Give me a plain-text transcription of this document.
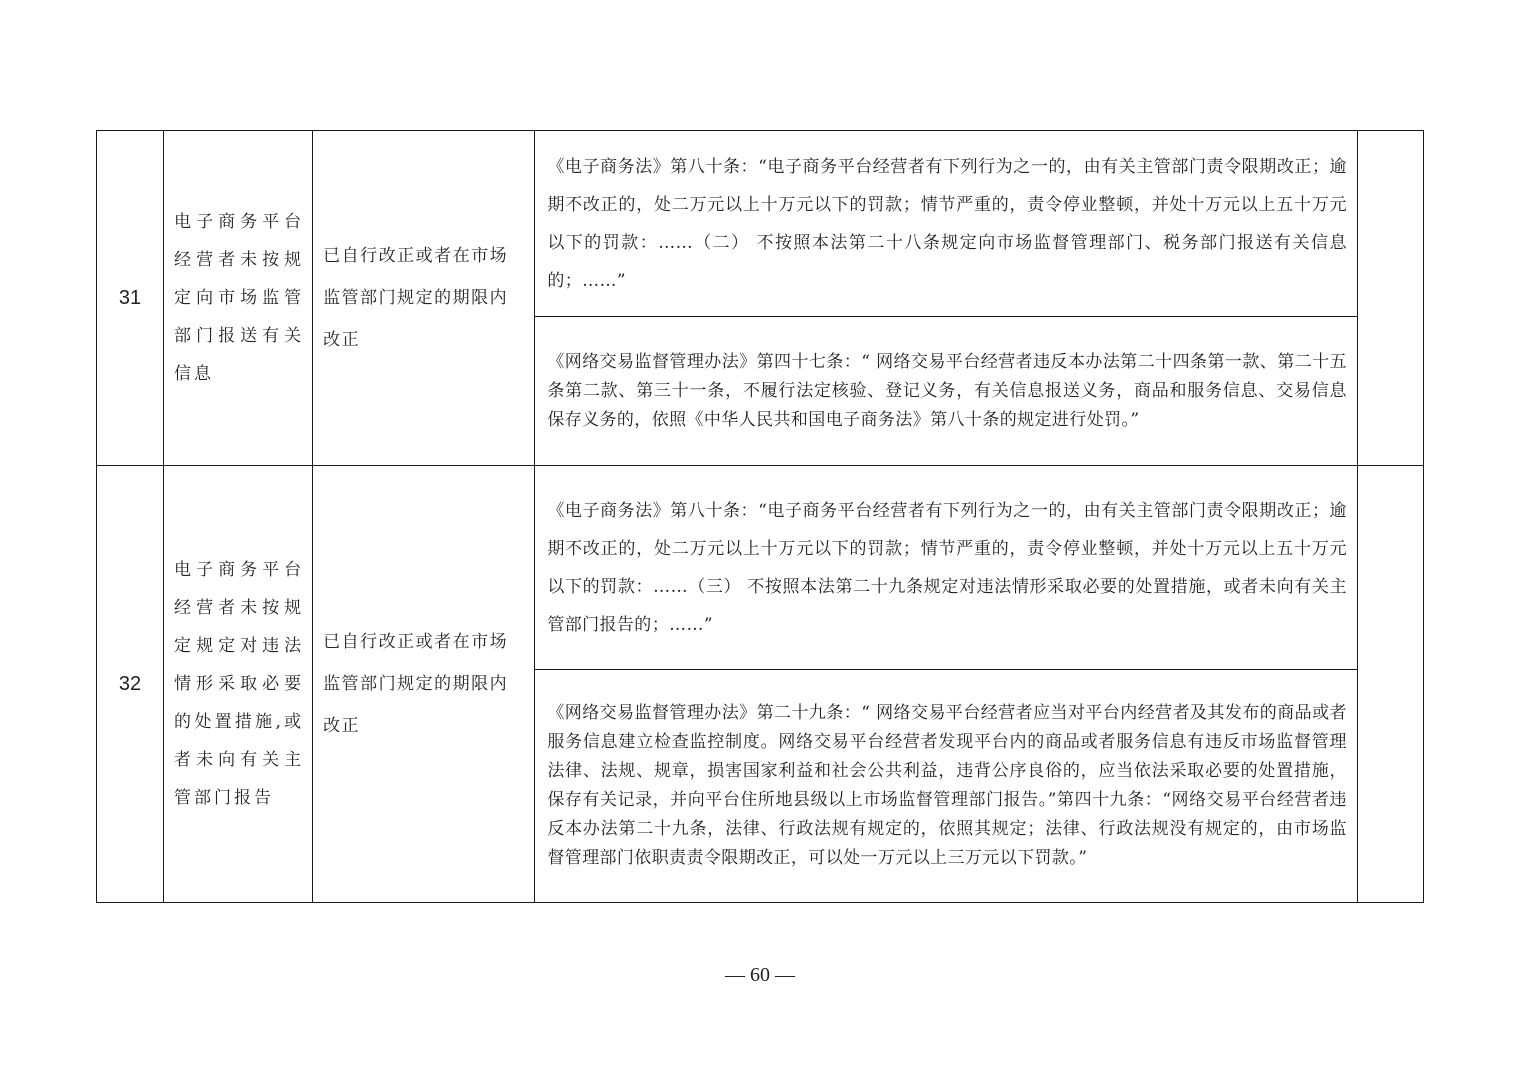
31	电子商务平台经营者未按规定向市场监管部门报送有关信息	已自行改正或者在市场监管部门规定的期限内改正	《电子商务法》第八十条：“电子商务平台经营者有下列行为之一的，由有关主管部门责令限期改正；逾期不改正的，处二万元以上十万元以下的罚款；情节严重的，责令停业整顿，并处十万元以上五十万元以下的罚款：……（二） 不按照本法第二十八条规定向市场监督管理部门、税务部门报送有关信息的；……”	

			《网络交易监督管理办法》第四十七条：“ 网络交易平台经营者违反本办法第二十四条第一款、第二十五条第二款、第三十一条，不履行法定核验、登记义务，有关信息报送义务，商品和服务信息、交易信息保存义务的，依照《中华人民共和国电子商务法》第八十条的规定进行处罚。”	

32	电子商务平台经营者未按规定规定对违法情形采取必要的处置措施,或者未向有关主管部门报告	已自行改正或者在市场监管部门规定的期限内改正	《电子商务法》第八十条：“电子商务平台经营者有下列行为之一的，由有关主管部门责令限期改正；逾期不改正的，处二万元以上十万元以下的罚款；情节严重的，责令停业整顿，并处十万元以上五十万元以下的罚款：……（三） 不按照本法第二十九条规定对违法情形采取必要的处置措施，或者未向有关主管部门报告的；……”	

			《网络交易监督管理办法》第二十九条：“ 网络交易平台经营者应当对平台内经营者及其发布的商品或者服务信息建立检查监控制度。网络交易平台经营者发现平台内的商品或者服务信息有违反市场监督管理法律、法规、规章，损害国家利益和社会公共利益，违背公序良俗的，应当依法采取必要的处置措施，保存有关记录，并向平台住所地县级以上市场监督管理部门报告。”第四十九条：“网络交易平台经营者违反本办法第二十九条，法律、行政法规有规定的，依照其规定；法律、行政法规没有规定的，由市场监督管理部门依职责责令限期改正，可以处一万元以上三万元以下罚款。”	
— 60 —
